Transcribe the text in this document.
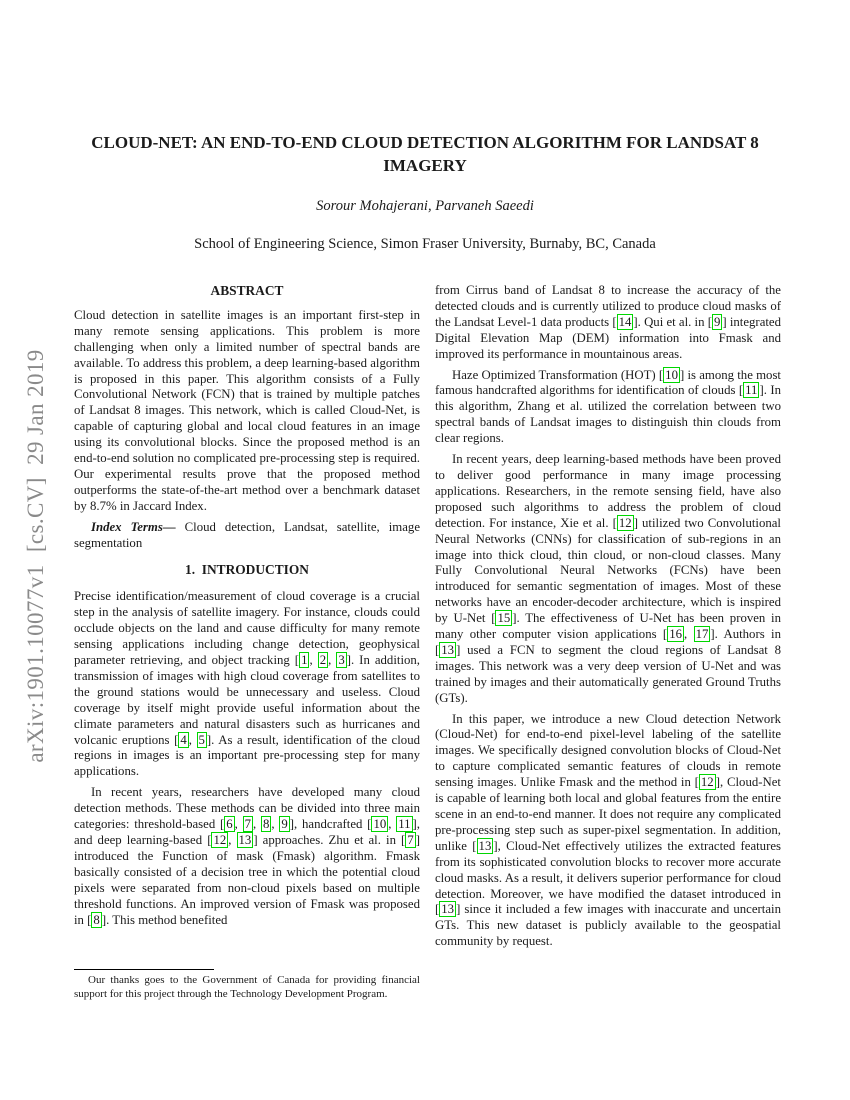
arXiv:1901.10077v1  [cs.CV]  29 Jan 2019
CLOUD-NET: AN END-TO-END CLOUD DETECTION ALGORITHM FOR LANDSAT 8 IMAGERY
Sorour Mohajerani, Parvaneh Saeedi
School of Engineering Science, Simon Fraser University, Burnaby, BC, Canada
ABSTRACT

Cloud detection in satellite images is an important first-step in many remote sensing applications. This problem is more challenging when only a limited number of spectral bands are available. To address this problem, a deep learning-based algorithm is proposed in this paper. This algorithm consists of a Fully Convolutional Network (FCN) that is trained by multiple patches of Landsat 8 images. This network, which is called Cloud-Net, is capable of capturing global and local cloud features in an image using its convolutional blocks. Since the proposed method is an end-to-end solution no complicated pre-processing step is required. Our experimental results prove that the proposed method outperforms the state-of-the-art method over a benchmark dataset by 8.7% in Jaccard Index.

Index Terms— Cloud detection, Landsat, satellite, image segmentation

1.  INTRODUCTION

Precise identification/measurement of cloud coverage is a crucial step in the analysis of satellite imagery. For instance, clouds could occlude objects on the land and cause difficulty for many remote sensing applications including change detection, geophysical parameter retrieving, and object tracking [ 1 , 2 , 3 ]. In addition, transmission of images with high cloud coverage from satellites to the ground stations would be unnecessary and useless. Cloud coverage by itself might provide useful information about the climate parameters and natural disasters such as hurricanes and volcanic eruptions [ 4 , 5 ]. As a result, identification of the cloud regions in images is an important pre-processing step for many applications.

In recent years, researchers have developed many cloud detection methods. These methods can be divided into three main categories: threshold-based [ 6 , 7 , 8 , 9 ], handcrafted [ 10 , 11 ], and deep learning-based [ 12 , 13 ] approaches. Zhu et al. in [ 7 ] introduced the Function of mask (Fmask) algorithm. Fmask basically consisted of a decision tree in which the potential cloud pixels were separated from non-cloud pixels based on multiple threshold functions. An improved version of Fmask was proposed in [ 8 ]. This method benefited

from Cirrus band of Landsat 8 to increase the accuracy of the detected clouds and is currently utilized to produce cloud masks of the Landsat Level-1 data products [ 14 ]. Qui et al. in [ 9 ] integrated Digital Elevation Map (DEM) information into Fmask and improved its performance in mountainous areas.

Haze Optimized Transformation (HOT) [ 10 ] is among the most famous handcrafted algorithms for identification of clouds [ 11 ]. In this algorithm, Zhang et al. utilized the correlation between two spectral bands of Landsat images to distinguish thin clouds from clear regions.

In recent years, deep learning-based methods have been proved to deliver good performance in many image processing applications. Researchers, in the remote sensing field, have also proposed such algorithms to address the problem of cloud detection. For instance, Xie et al. [ 12 ] utilized two Convolutional Neural Networks (CNNs) for classification of sub-regions in an image into thick cloud, thin cloud, or non-cloud classes. Many Fully Convolutional Neural Networks (FCNs) have been introduced for semantic segmentation of images. Most of these networks have an encoder-decoder architecture, which is inspired by U-Net [ 15 ]. The effectiveness of U-Net has been proven in many other computer vision applications [ 16 , 17 ]. Authors in [ 13 ] used a FCN to segment the cloud regions of Landsat 8 images. This network was a very deep version of U-Net and was trained by images and their automatically generated Ground Truths (GTs).

In this paper, we introduce a new Cloud detection Network (Cloud-Net) for end-to-end pixel-level labeling of the satellite images. We specifically designed convolution blocks of Cloud-Net to capture complicated semantic features of clouds in remote sensing images. Unlike Fmask and the method in [ 12 ], Cloud-Net is capable of learning both local and global features from the entire scene in an end-to-end manner. It does not require any complicated pre-processing step such as super-pixel segmentation. In addition, unlike [ 13 ], Cloud-Net effectively utilizes the extracted features from its sophisticated convolution blocks to recover more accurate cloud masks. As a result, it delivers superior performance for cloud detection. Moreover, we have modified the dataset introduced in [ 13 ] since it included a few images with inaccurate and uncertain GTs. This new dataset is publicly available to the geospatial community by request.

Our thanks goes to the Government of Canada for providing financial support for this project through the Technology Development Program.
